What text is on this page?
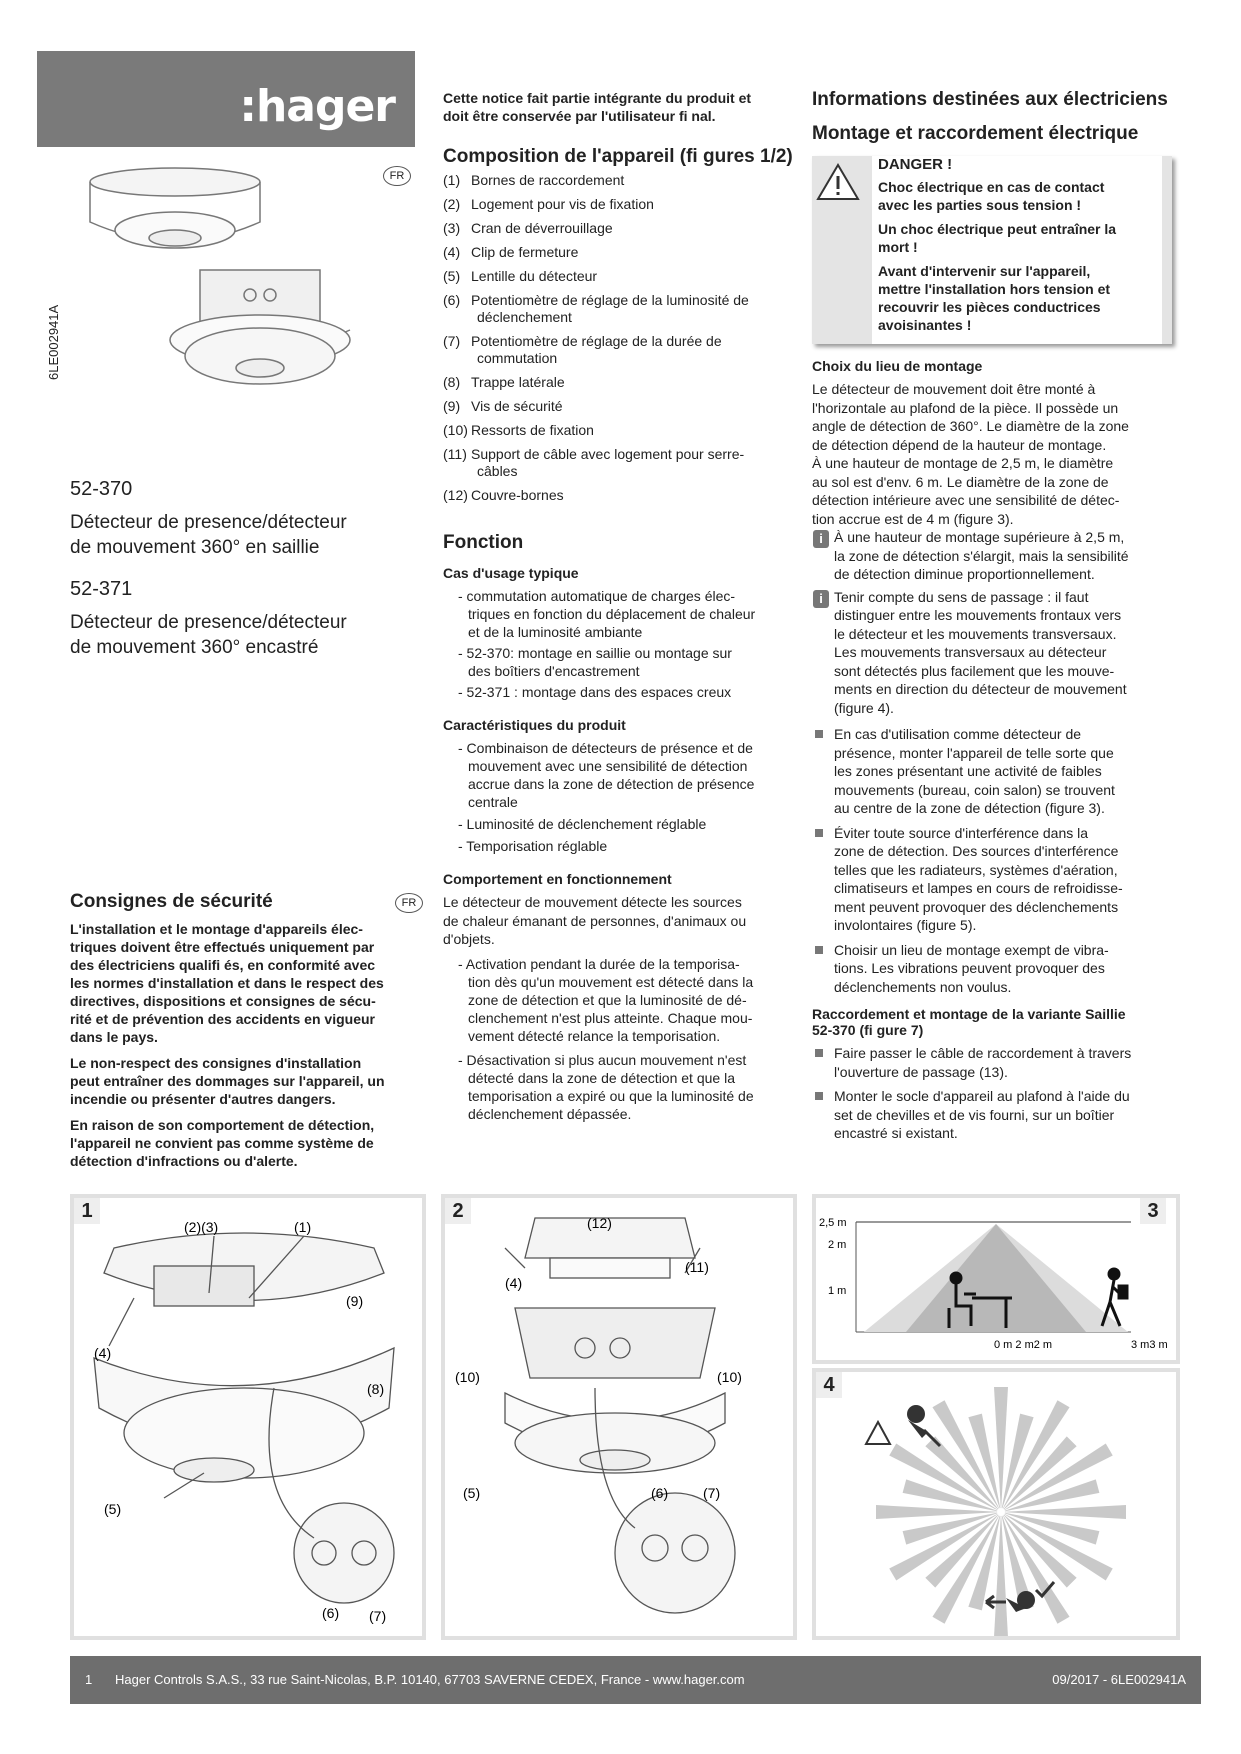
:hager
FR
6LE002941A
52-370
Détecteur de presence/détecteur
de mouvement 360° en saillie
52-371
Détecteur de presence/détecteur
de mouvement 360° encastré
Consignes de sécurité	FR

L'installation et le montage d'appareils élec-
triques doivent être effectués uniquement par
des électriciens qualifi és, en conformité avec
les normes d'installation et dans le respect des
directives, dispositions et consignes de sécu-
rité et de prévention des accidents en vigueur
dans le pays.

Le non-respect des consignes d'installation
peut entraîner des dommages sur l'appareil, un
incendie ou présenter d'autres dangers.

En raison de son comportement de détection,
l'appareil ne convient pas comme système de
détection d'infractions ou d'alerte.

Cette notice fait partie intégrante du produit et
doit être conservée par l'utilisateur fi nal.

Composition de l'appareil (fi gures 1/2)
(1) Bornes de raccordement
(2) Logement pour vis de fixation
(3) Cran de déverrouillage
(4) Clip de fermeture
(5) Lentille du détecteur
(6) Potentiomètre de réglage de la luminosité de
déclenchement
(7) Potentiomètre de réglage de la durée de
commutation
(8) Trappe latérale
(9) Vis de sécurité
(10) Ressorts de fixation
(11) Support de câble avec logement pour serre-
câbles
(12) Couvre-bornes
Fonction

Cas d'usage typique

- commutation automatique de charges élec-
triques en fonction du déplacement de chaleur
et de la luminosité ambiante
- 52-370: montage en saillie ou montage sur
des boîtiers d'encastrement
- 52-371 : montage dans des espaces creux

Caractéristiques du produit

- Combinaison de détecteurs de présence et de
mouvement avec une sensibilité de détection
accrue dans la zone de détection de présence
centrale
- Luminosité de déclenchement réglable
- Temporisation réglable

Comportement en fonctionnement

Le détecteur de mouvement détecte les sources
de chaleur émanant de personnes, d'animaux ou
d'objets.

- Activation pendant la durée de la temporisa-
tion dès qu'un mouvement est détecté dans la
zone de détection et que la luminosité de dé-
clenchement n'est plus atteinte. Chaque mou-
vement détecté relance la temporisation.
- Désactivation si plus aucun mouvement n'est
détecté dans la zone de détection et que la
temporisation a expiré ou que la luminosité de
déclenchement dépassée.
Informations destinées aux électriciens
Montage et raccordement électrique
DANGER !
Choc électrique en cas de contact
avec les parties sous tension !
Un choc électrique peut entraîner la
mort !
Avant d'intervenir sur l'appareil,
mettre l'installation hors tension et
recouvrir les pièces conductrices
avoisinantes !

Choix du lieu de montage

Le détecteur de mouvement doit être monté à
l'horizontale au plafond de la pièce. Il possède un
angle de détection de 360°. Le diamètre de la zone
de détection dépend de la hauteur de montage.
À une hauteur de montage de 2,5 m, le diamètre
au sol est d'env. 6 m. Le diamètre de la zone de
détection intérieure avec une sensibilité de détec-
tion accrue est de 4 m (figure 3).

i À une hauteur de montage supérieure à 2,5 m,
la zone de détection s'élargit, mais la sensibilité
de détection diminue proportionnellement.
i Tenir compte du sens de passage : il faut
distinguer entre les mouvements frontaux vers
le détecteur et les mouvements transversaux.
Les mouvements transversaux au détecteur
sont détectés plus facilement que les mouve-
ments en direction du détecteur de mouvement
(figure 4).
En cas d'utilisation comme détecteur de
présence, monter l'appareil de telle sorte que
les zones présentant une activité de faibles
mouvements (bureau, coin salon) se trouvent
au centre de la zone de détection (figure 3).
Éviter toute source d'interférence dans la
zone de détection. Des sources d'interférence
telles que les radiateurs, systèmes d'aération,
climatiseurs et lampes en cours de refroidisse-
ment peuvent provoquer des déclenchements
involontaires (figure 5).
Choisir un lieu de montage exempt de vibra-
tions. Les vibrations peuvent provoquer des
déclenchements non voulus.

Raccordement et montage de la variante Saillie
52-370 (fi gure 7)

Faire passer le câble de raccordement à travers
l'ouverture de passage (13).
Monter le socle d'appareil au plafond à l'aide du
set de chevilles et de vis fourni, sur un boîtier
encastré si existant.
1
(2)(3)	(1)
(9)
(4)
(8)
(5)
(6) (7)
2
(12)
(4)
(11)
(10)	(10)
(5)	(6) (7)
3
2,5 m
2 m
1 m
0 m 2 m2 m	3 m3 m
4
1 Hager Controls S.A.S., 33 rue Saint-Nicolas, B.P. 10140, 67703 SAVERNE CEDEX, France - www.hager.com	09/2017 - 6LE002941A
